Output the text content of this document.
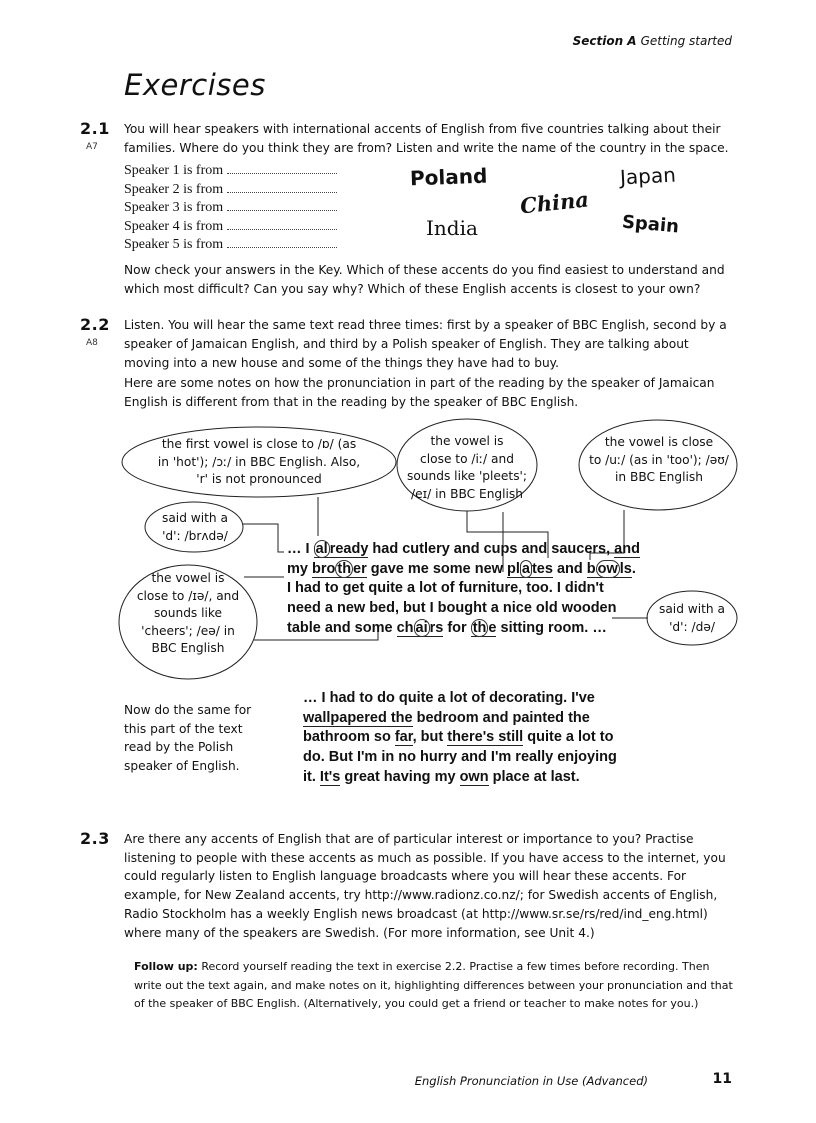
Section A Getting started
Exercises
2.1
A7
You will hear speakers with international accents of English from five countries talking about their families. Where do you think they are from? Listen and write the name of the country in the space.
Speaker 1 is from
Speaker 2 is from
Speaker 3 is from
Speaker 4 is from
Speaker 5 is from
Poland	Japan
China
India	Spain
Now check your answers in the Key. Which of these accents do you find easiest to understand and which most difficult? Can you say why? Which of these English accents is closest to your own?
2.2
A8
Listen. You will hear the same text read three times: first by a speaker of BBC English, second by a speaker of Jamaican English, and third by a Polish speaker of English. They are talking about moving into a new house and some of the things they have had to buy.
Here are some notes on how the pronunciation in part of the reading by the speaker of Jamaican English is different from that in the reading by the speaker of BBC English.
the first vowel is close to /ɒ/ (as
in 'hot'); /ɔː/ in BBC English. Also,
'r' is not pronounced
the vowel is
close to /iː/ and
sounds like 'pleets';
/eɪ/ in BBC English
the vowel is close
to /uː/ (as in 'too'); /əʊ/
in BBC English
said with a
'd': /brʌdə/
the vowel is
close to /ɪə/, and
sounds like
'cheers'; /eə/ in
BBC English
said with a
'd': /də/
… I al ready had cutlery and cups and saucers, and
my bro th er gave me some new pl a tes and b ow ls.
I had to get quite a lot of furniture, too. I didn't
need a new bed, but I bought a nice old wooden
table and some ch ai rs for th e sitting room. …
Now do the same for this part of the text read by the Polish speaker of English.
… I had to do quite a lot of decorating. I've
wallpapered the bedroom and painted the
bathroom so far, but there's still quite a lot to
do. But I'm in no hurry and I'm really enjoying
it. It's great having my own place at last.
2.3 Are there any accents of English that are of particular interest or importance to you? Practise listening to people with these accents as much as possible. If you have access to the internet, you could regularly listen to English language broadcasts where you will hear these accents. For example, for New Zealand accents, try http://www.radionz.co.nz/; for Swedish accents of English, Radio Stockholm has a weekly English news broadcast (at http://www.sr.se/rs/red/ind_eng.html) where many of the speakers are Swedish. (For more information, see Unit 4.)
Follow up: Record yourself reading the text in exercise 2.2. Practise a few times before recording. Then write out the text again, and make notes on it, highlighting differences between your pronunciation and that of the speaker of BBC English. (Alternatively, you could get a friend or teacher to make notes for you.)
English Pronunciation in Use (Advanced)	11
